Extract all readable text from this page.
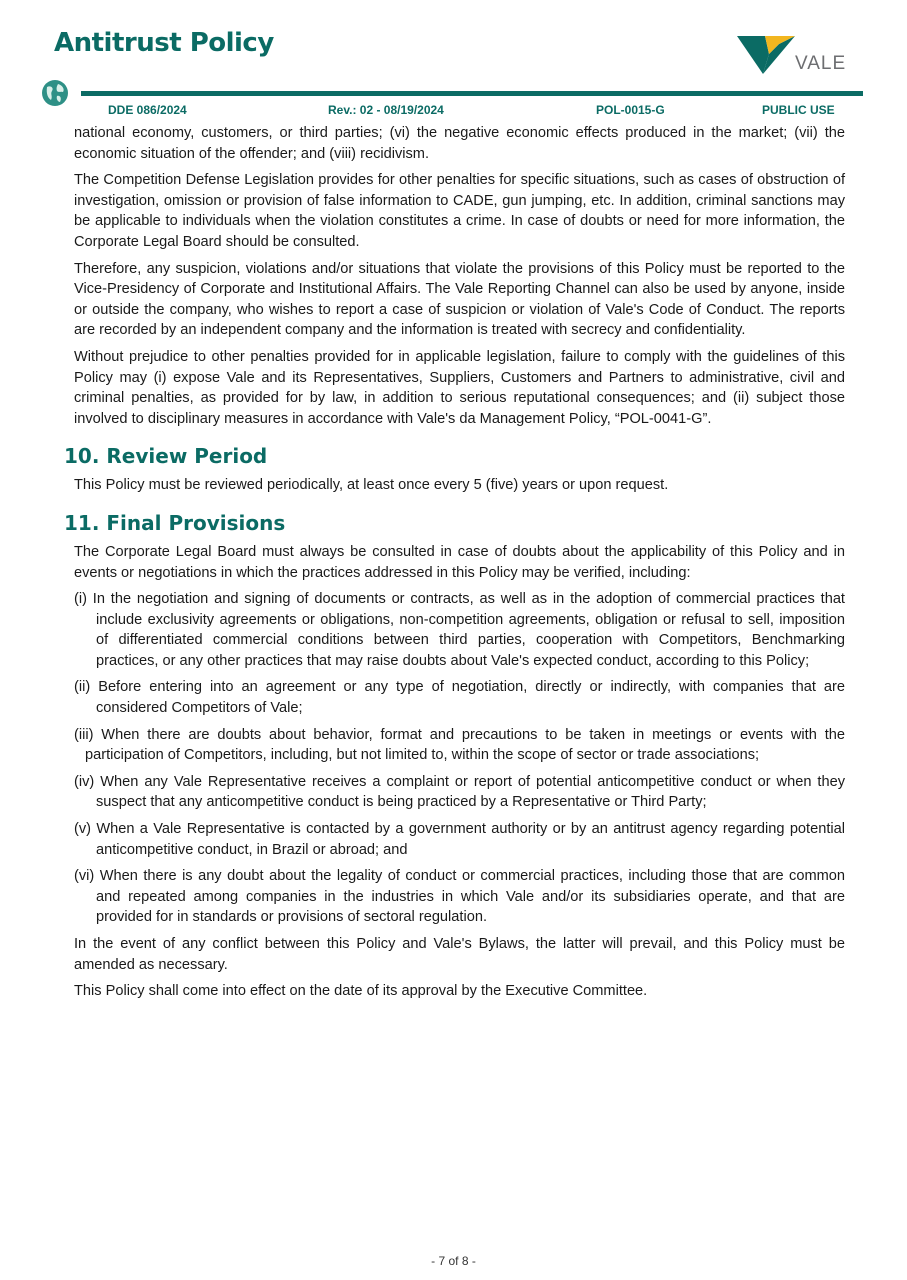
Antitrust Policy
VALE
DDE 086/2024	Rev.: 02 - 08/19/2024	POL-0015-G	PUBLIC USE

national economy, customers, or third parties; (vi) the negative economic effects produced in the market; (vii) the economic situation of the offender; and (viii) recidivism.

The Competition Defense Legislation provides for other penalties for specific situations, such as cases of obstruction of investigation, omission or provision of false information to CADE, gun jumping, etc. In addition, criminal sanctions may be applicable to individuals when the violation constitutes a crime. In case of doubts or need for more information, the Corporate Legal Board should be consulted.

Therefore, any suspicion, violations and/or situations that violate the provisions of this Policy must be reported to the Vice-Presidency of Corporate and Institutional Affairs. The Vale Reporting Channel can also be used by anyone, inside or outside the company, who wishes to report a case of suspicion or violation of Vale's Code of Conduct. The reports are recorded by an independent company and the information is treated with secrecy and confidentiality.

Without prejudice to other penalties provided for in applicable legislation, failure to comply with the guidelines of this Policy may (i) expose Vale and its Representatives, Suppliers, Customers and Partners to administrative, civil and criminal penalties, as provided for by law, in addition to serious reputational consequences; and (ii) subject those involved to disciplinary measures in accordance with Vale's da Management Policy, “POL-0041-G”.

10. Review Period

This Policy must be reviewed periodically, at least once every 5 (five) years or upon request.

11. Final Provisions

The Corporate Legal Board must always be consulted in case of doubts about the applicability of this Policy and in events or negotiations in which the practices addressed in this Policy may be verified, including:

(i) In the negotiation and signing of documents or contracts, as well as in the adoption of commercial practices that include exclusivity agreements or obligations, non-competition agreements, obligation or refusal to sell, imposition of differentiated commercial conditions between third parties, cooperation with Competitors, Benchmarking practices, or any other practices that may raise doubts about Vale's expected conduct, according to this Policy;

(ii) Before entering into an agreement or any type of negotiation, directly or indirectly, with companies that are considered Competitors of Vale;

(iii) When there are doubts about behavior, format and precautions to be taken in meetings or events with the participation of Competitors, including, but not limited to, within the scope of sector or trade associations;

(iv) When any Vale Representative receives a complaint or report of potential anticompetitive conduct or when they suspect that any anticompetitive conduct is being practiced by a Representative or Third Party;

(v) When a Vale Representative is contacted by a government authority or by an antitrust agency regarding potential anticompetitive conduct, in Brazil or abroad; and

(vi) When there is any doubt about the legality of conduct or commercial practices, including those that are common and repeated among companies in the industries in which Vale and/or its subsidiaries operate, and that are provided for in standards or provisions of sectoral regulation.

In the event of any conflict between this Policy and Vale's Bylaws, the latter will prevail, and this Policy must be amended as necessary.

This Policy shall come into effect on the date of its approval by the Executive Committee.

- 7 of 8 -
